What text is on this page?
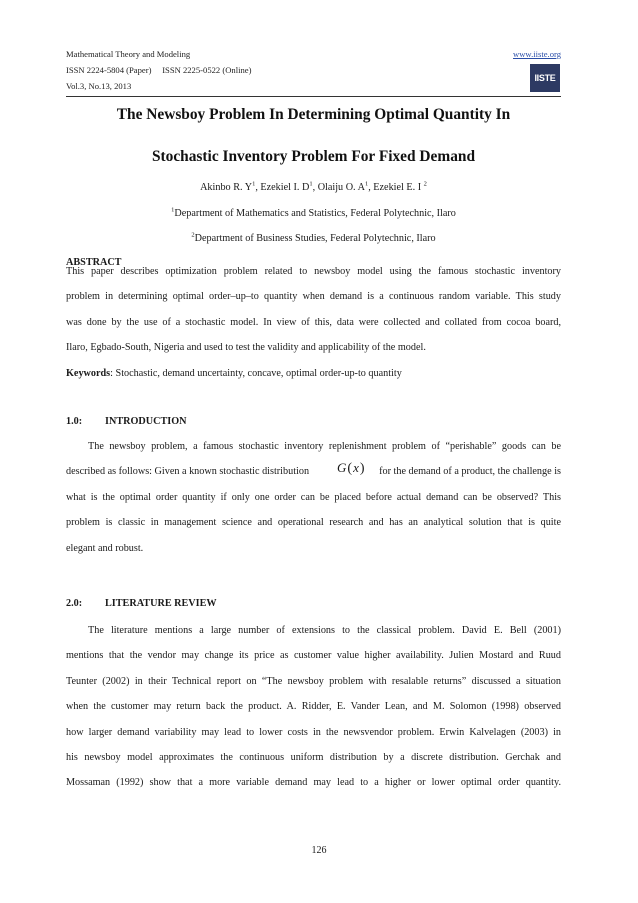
Mathematical Theory and Modeling
ISSN 2224-5804 (Paper)     ISSN 2225-0522 (Online)
Vol.3, No.13, 2013
www.iiste.org
IISTE
The Newsboy Problem In Determining Optimal Quantity In
Stochastic Inventory Problem For Fixed Demand
Akinbo R. $Y^1$, Ezekiel I. $D^1$, Olaiju O. $A^1$, Ezekiel E. I $^2$
$^1$Department of Mathematics and Statistics, Federal Polytechnic, Ilaro
$^2$Department of Business Studies, Federal Polytechnic, Ilaro
ABSTRACT
This paper describes optimization problem related to newsboy model using the famous stochastic inventory
problem in determining optimal order–up–to quantity when demand is a continuous random variable. This study
was done by the use of a stochastic model. In view of this, data were collected and collated from cocoa board,
Ilaro, Egbado-South, Nigeria and used to test the validity and applicability of the model.
Keywords: Stochastic, demand uncertainty, concave, optimal order-up-to quantity
1.0: INTRODUCTION
The newsboy problem, a famous stochastic inventory replenishment problem of “perishable” goods can be
described as follows: Given a known stochastic distribution G(x) for the demand of a product, the challenge is
what is the optimal order quantity if only one order can be placed before actual demand can be observed? This
problem is classic in management science and operational research and has an analytical solution that is quite
elegant and robust.
2.0: LITERATURE REVIEW
The literature mentions a large number of extensions to the classical problem. David E. Bell (2001)
mentions that the vendor may change its price as customer value higher availability. Julien Mostard and Ruud
Teunter (2002) in their Technical report on “The newsboy problem with resalable returns” discussed a situation
when the customer may return back the product. A. Ridder, E. Vander Lean, and M. Solomon (1998) observed
how larger demand variability may lead to lower costs in the newsvendor problem. Erwin Kalvelagen (2003) in
his newsboy model approximates the continuous uniform distribution by a discrete distribution. Gerchak and
Mossaman (1992) show that a more variable demand may lead to a higher or lower optimal order quantity.
126
